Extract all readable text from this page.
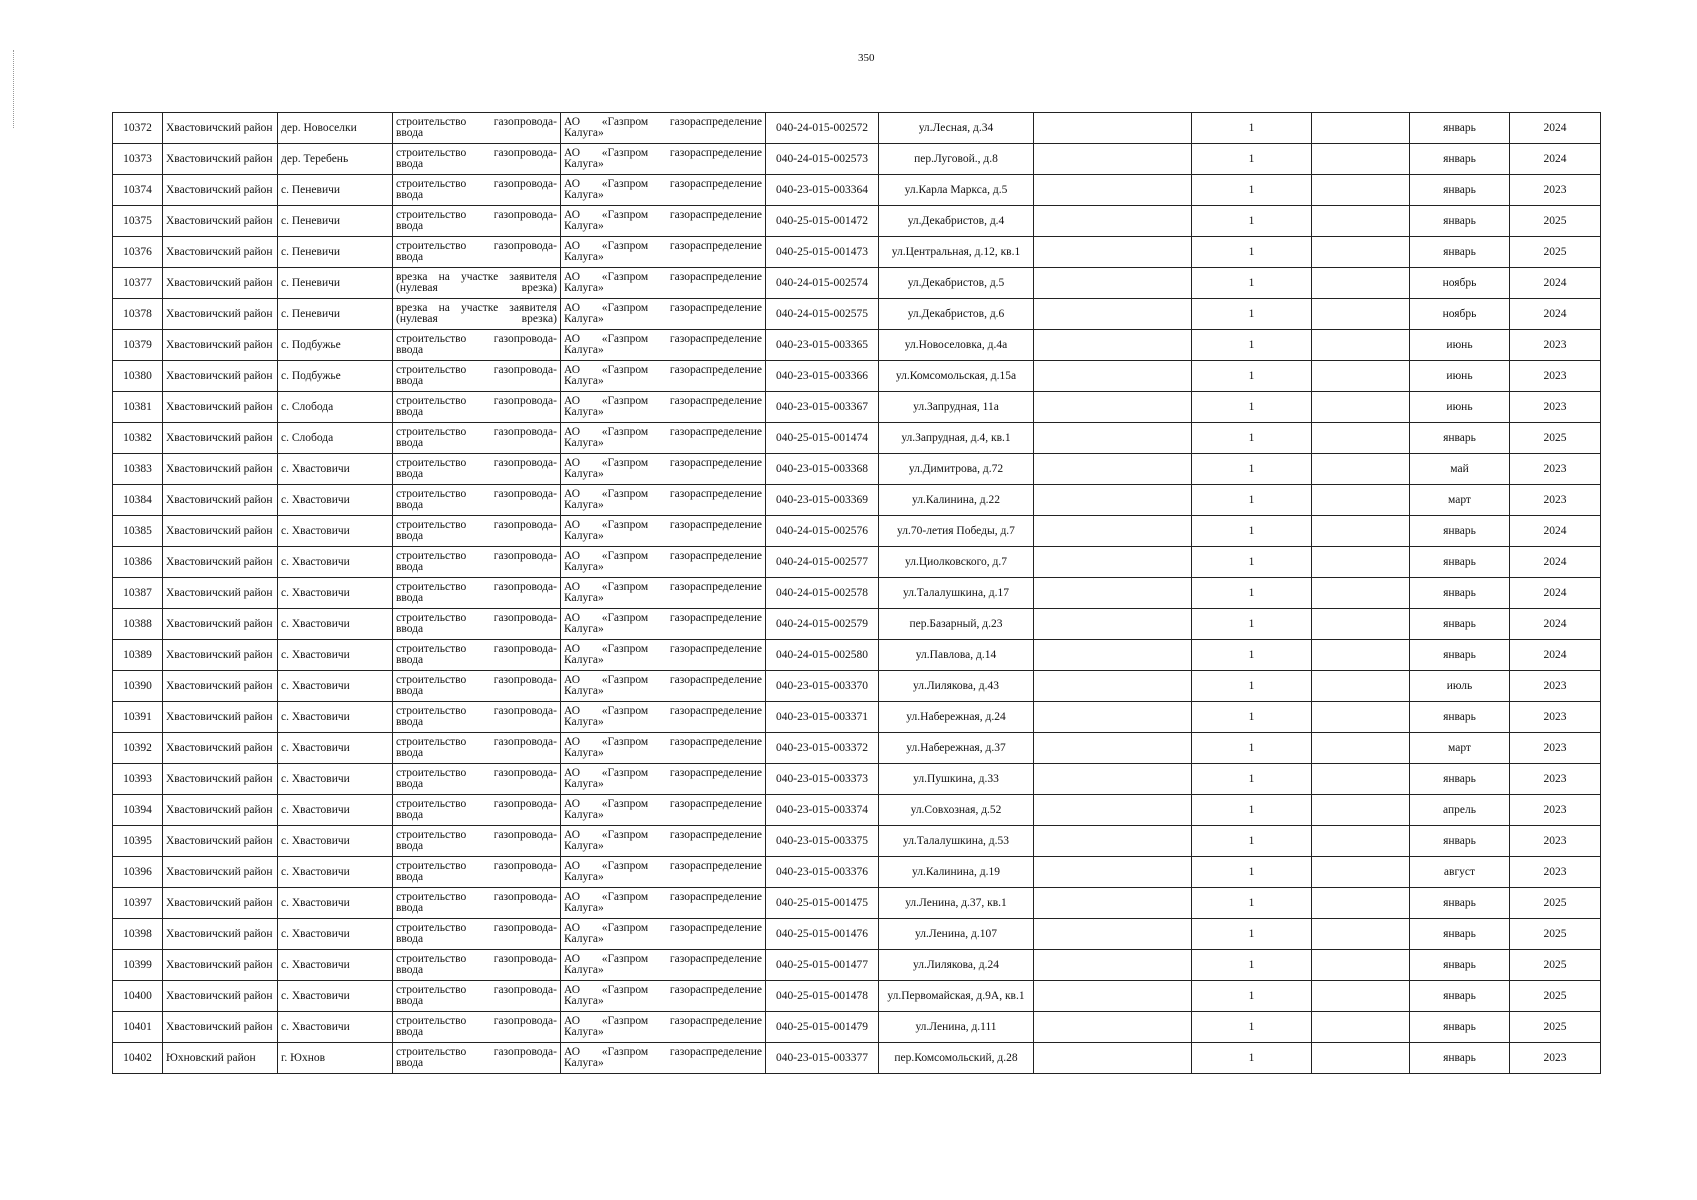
350
10372	Хвастовичский район	дер. Новоселки	строительство газопровода-ввода	АО «Газпром газораспределение Калуга»	040-24-015-002572	ул.Лесная, д.34		1		январь	2024
10373	Хвастовичский район	дер. Теребень	строительство газопровода-ввода	АО «Газпром газораспределение Калуга»	040-24-015-002573	пер.Луговой., д.8		1		январь	2024
10374	Хвастовичский район	с. Пеневичи	строительство газопровода-ввода	АО «Газпром газораспределение Калуга»	040-23-015-003364	ул.Карла Маркса, д.5		1		январь	2023
10375	Хвастовичский район	с. Пеневичи	строительство газопровода-ввода	АО «Газпром газораспределение Калуга»	040-25-015-001472	ул.Декабристов, д.4		1		январь	2025
10376	Хвастовичский район	с. Пеневичи	строительство газопровода-ввода	АО «Газпром газораспределение Калуга»	040-25-015-001473	ул.Центральная, д.12, кв.1		1		январь	2025
10377	Хвастовичский район	с. Пеневичи	врезка на участке заявителя (нулевая врезка)	АО «Газпром газораспределение Калуга»	040-24-015-002574	ул.Декабристов, д.5		1		ноябрь	2024
10378	Хвастовичский район	с. Пеневичи	врезка на участке заявителя (нулевая врезка)	АО «Газпром газораспределение Калуга»	040-24-015-002575	ул.Декабристов, д.6		1		ноябрь	2024
10379	Хвастовичский район	с. Подбужье	строительство газопровода-ввода	АО «Газпром газораспределение Калуга»	040-23-015-003365	ул.Новоселовка, д.4а		1		июнь	2023
10380	Хвастовичский район	с. Подбужье	строительство газопровода-ввода	АО «Газпром газораспределение Калуга»	040-23-015-003366	ул.Комсомольская, д.15а		1		июнь	2023
10381	Хвастовичский район	с. Слобода	строительство газопровода-ввода	АО «Газпром газораспределение Калуга»	040-23-015-003367	ул.Запрудная, 11а		1		июнь	2023
10382	Хвастовичский район	с. Слобода	строительство газопровода-ввода	АО «Газпром газораспределение Калуга»	040-25-015-001474	ул.Запрудная, д.4, кв.1		1		январь	2025
10383	Хвастовичский район	с. Хвастовичи	строительство газопровода-ввода	АО «Газпром газораспределение Калуга»	040-23-015-003368	ул.Димитрова, д.72		1		май	2023
10384	Хвастовичский район	с. Хвастовичи	строительство газопровода-ввода	АО «Газпром газораспределение Калуга»	040-23-015-003369	ул.Калинина, д.22		1		март	2023
10385	Хвастовичский район	с. Хвастовичи	строительство газопровода-ввода	АО «Газпром газораспределение Калуга»	040-24-015-002576	ул.70-летия Победы, д.7		1		январь	2024
10386	Хвастовичский район	с. Хвастовичи	строительство газопровода-ввода	АО «Газпром газораспределение Калуга»	040-24-015-002577	ул.Циолковского, д.7		1		январь	2024
10387	Хвастовичский район	с. Хвастовичи	строительство газопровода-ввода	АО «Газпром газораспределение Калуга»	040-24-015-002578	ул.Талалушкина, д.17		1		январь	2024
10388	Хвастовичский район	с. Хвастовичи	строительство газопровода-ввода	АО «Газпром газораспределение Калуга»	040-24-015-002579	пер.Базарный, д.23		1		январь	2024
10389	Хвастовичский район	с. Хвастовичи	строительство газопровода-ввода	АО «Газпром газораспределение Калуга»	040-24-015-002580	ул.Павлова, д.14		1		январь	2024
10390	Хвастовичский район	с. Хвастовичи	строительство газопровода-ввода	АО «Газпром газораспределение Калуга»	040-23-015-003370	ул.Лилякова, д.43		1		июль	2023
10391	Хвастовичский район	с. Хвастовичи	строительство газопровода-ввода	АО «Газпром газораспределение Калуга»	040-23-015-003371	ул.Набережная, д.24		1		январь	2023
10392	Хвастовичский район	с. Хвастовичи	строительство газопровода-ввода	АО «Газпром газораспределение Калуга»	040-23-015-003372	ул.Набережная, д.37		1		март	2023
10393	Хвастовичский район	с. Хвастовичи	строительство газопровода-ввода	АО «Газпром газораспределение Калуга»	040-23-015-003373	ул.Пушкина, д.33		1		январь	2023
10394	Хвастовичский район	с. Хвастовичи	строительство газопровода-ввода	АО «Газпром газораспределение Калуга»	040-23-015-003374	ул.Совхозная, д.52		1		апрель	2023
10395	Хвастовичский район	с. Хвастовичи	строительство газопровода-ввода	АО «Газпром газораспределение Калуга»	040-23-015-003375	ул.Талалушкина, д.53		1		январь	2023
10396	Хвастовичский район	с. Хвастовичи	строительство газопровода-ввода	АО «Газпром газораспределение Калуга»	040-23-015-003376	ул.Калинина, д.19		1		август	2023
10397	Хвастовичский район	с. Хвастовичи	строительство газопровода-ввода	АО «Газпром газораспределение Калуга»	040-25-015-001475	ул.Ленина, д.37, кв.1		1		январь	2025
10398	Хвастовичский район	с. Хвастовичи	строительство газопровода-ввода	АО «Газпром газораспределение Калуга»	040-25-015-001476	ул.Ленина, д.107		1		январь	2025
10399	Хвастовичский район	с. Хвастовичи	строительство газопровода-ввода	АО «Газпром газораспределение Калуга»	040-25-015-001477	ул.Лилякова, д.24		1		январь	2025
10400	Хвастовичский район	с. Хвастовичи	строительство газопровода-ввода	АО «Газпром газораспределение Калуга»	040-25-015-001478	ул.Первомайская, д.9А, кв.1		1		январь	2025
10401	Хвастовичский район	с. Хвастовичи	строительство газопровода-ввода	АО «Газпром газораспределение Калуга»	040-25-015-001479	ул.Ленина, д.111		1		январь	2025
10402	Юхновский район	г. Юхнов	строительство газопровода-ввода	АО «Газпром газораспределение Калуга»	040-23-015-003377	пер.Комсомольский, д.28		1		январь	2023
